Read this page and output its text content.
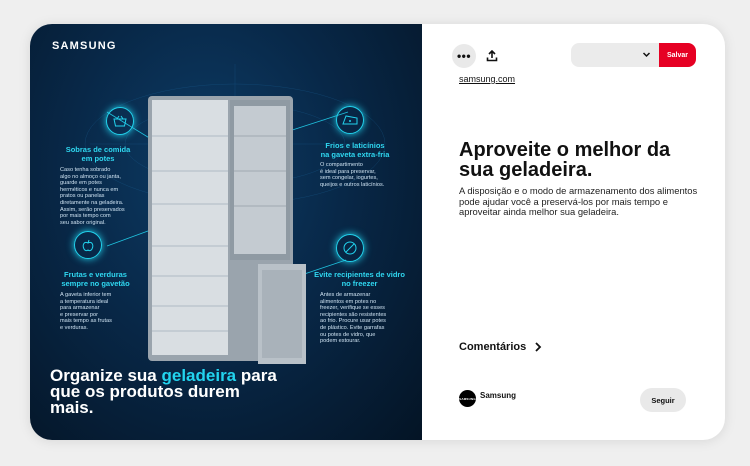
SAMSUNG
Sobras de comida
em potes
Caso tenha sobrado
algo no almoço ou janta,
guarde em potes
herméticos e nunca em
pratos ou panelas
diretamente na geladeira.
Assim, serão preservados
por mais tempo com
seu sabor original.
Frios e laticínios
na gaveta extra-fria
O compartimento
é ideal para preservar,
sem congelar, iogurtes,
queijos e outros laticínios.
Frutas e verduras
sempre no gavetão
A gaveta inferior tem
a temperatura ideal
para armazenar
e preservar por
mais tempo as frutas
e verduras.
Evite recipientes de vidro
no freezer
Antes de armazenar
alimentos em potes no
freezer, verifique se esses
recipientes são resistentes
ao frio. Procure usar potes
de plástico. Evite garrafas
ou potes de vidro, que
podem estourar.
Organize sua geladeira para que os produtos durem mais.
•••	Salvar
samsung.com
Aproveite o melhor da sua geladeira.
A disposição e o modo de armazenamento dos alimentos pode ajudar você a preservá-los por mais tempo e aproveitar ainda melhor sua geladeira.
Comentários
SAMSUNG Samsung	Seguir
